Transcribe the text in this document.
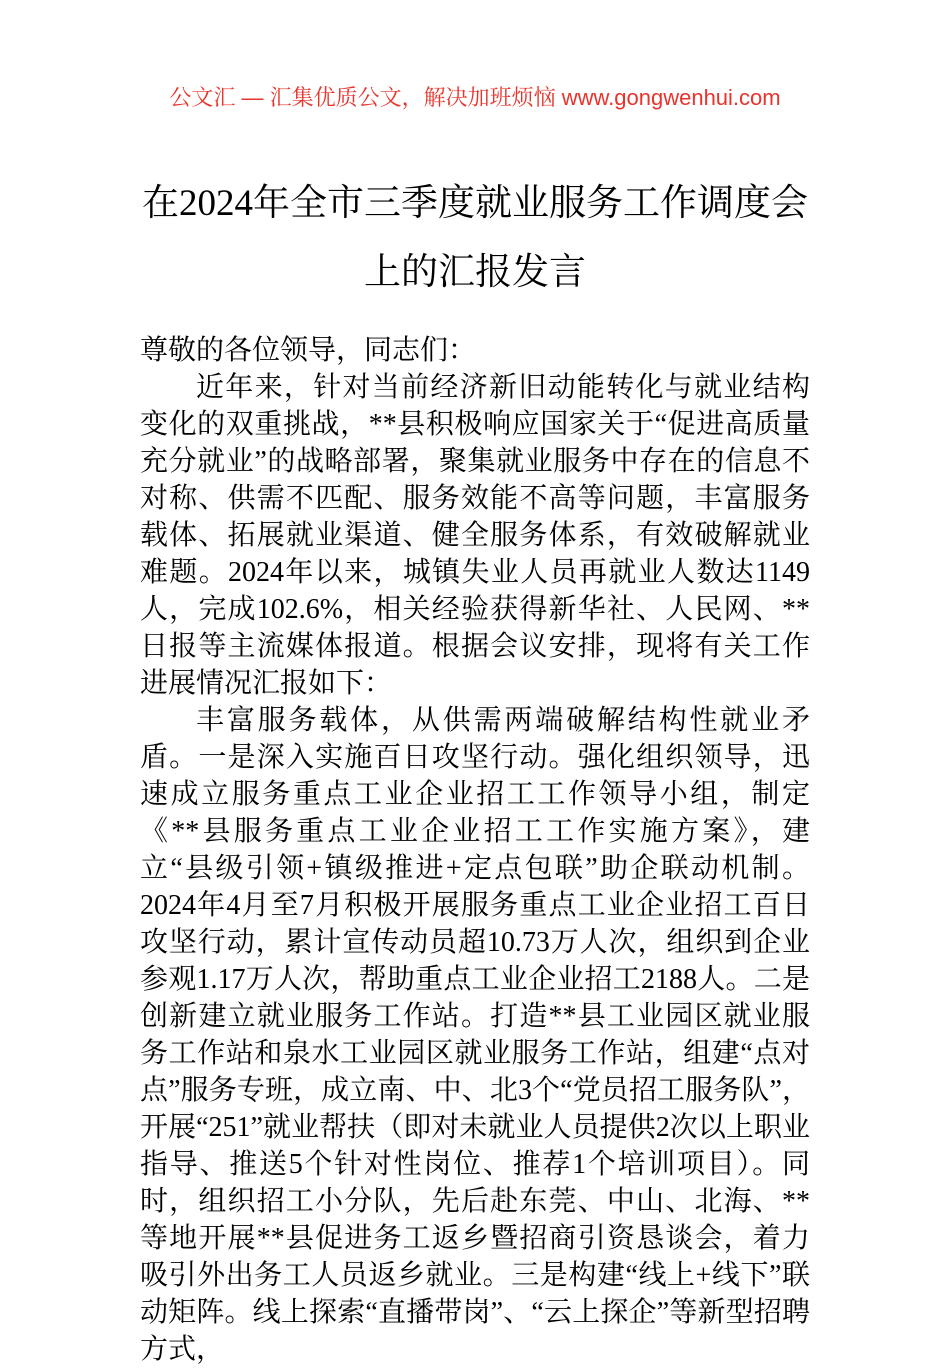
公文汇 — 汇集优质公文，解决加班烦恼 www.gongwenhui.com
在2024年全市三季度就业服务工作调度会
上的汇报发言

尊敬的各位领导，同志们：

近年来，针对当前经济新旧动能转化与就业结构变化的双重挑战，**县积极响应国家关于“促进高质量充分就业”的战略部署，聚集就业服务中存在的信息不对称、供需不匹配、服务效能不高等问题，丰富服务载体、拓展就业渠道、健全服务体系，有效破解就业难题。2024年以来，城镇失业人员再就业人数达1149人，完成102.6%，相关经验获得新华社、人民网、**日报等主流媒体报道。根据会议安排，现将有关工作进展情况汇报如下：

丰富服务载体，从供需两端破解结构性就业矛盾。一是深入实施百日攻坚行动。强化组织领导，迅速成立服务重点工业企业招工工作领导小组，制定《**县服务重点工业企业招工工作实施方案》，建立“县级引领+镇级推进+定点包联”助企联动机制。2024年4月至7月积极开展服务重点工业企业招工百日攻坚行动，累计宣传动员超10.73万人次，组织到企业参观1.17万人次，帮助重点工业企业招工2188人。二是创新建立就业服务工作站。打造**县工业园区就业服务工作站和泉水工业园区就业服务工作站，组建“点对点”服务专班，成立南、中、北3个“党员招工服务队”，开展“251”就业帮扶（即对未就业人员提供2次以上职业指导、推送5个针对性岗位、推荐1个培训项目）。同时，组织招工小分队，先后赴东莞、中山、北海、**等地开展**县促进务工返乡暨招商引资恳谈会，着力吸引外出务工人员返乡就业。三是构建“线上+线下”联动矩阵。线上探索“直播带岗”、“云上探企”等新型招聘方式，
